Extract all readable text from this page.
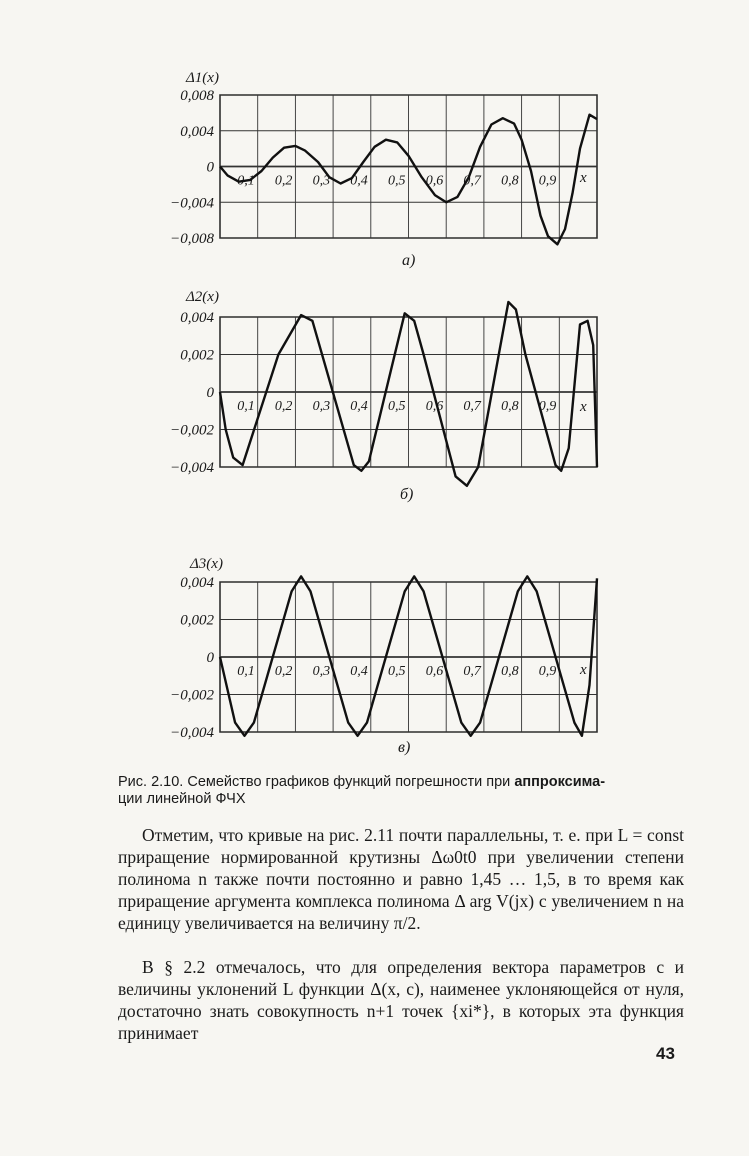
Δ1(x)
0,008
0,004
0
−0,004
−0,008
0,1 0,2 0,3 0,4 0,5 0,6 0,7 0,8 0,9 x
a)
Δ2(x)
0,004
0,002
0
−0,002
−0,004
0,1 0,2 0,3 0,4 0,5 0,6 0,7 0,8 0,9 x
б)
Δ3(x)
0,004
0,002
0
−0,002
−0,004
0,1 0,2 0,3 0,4 0,5 0,6 0,7 0,8 0,9 x
в)
Рис. 2.10. Семейство графиков функций погрешности при аппроксима-
ции линейной ФЧХ

Отметим, что кривые на рис. 2.11 почти параллельны, т. е. при L = const приращение нормированной крутизны Δω0t0 при увеличении степени полинома n также почти постоянно и равно 1,45 … 1,5, в то время как приращение аргумента комплекса полинома Δ arg V(jx) с увеличением n на единицу увеличивается на величину π/2.

В § 2.2 отмечалось, что для определения вектора параметров c и величины уклонений L функции Δ(x, c), наименее уклоняющейся от нуля, достаточно знать совокупность n+1 точек {xi*}, в которых эта функция принимает

43
